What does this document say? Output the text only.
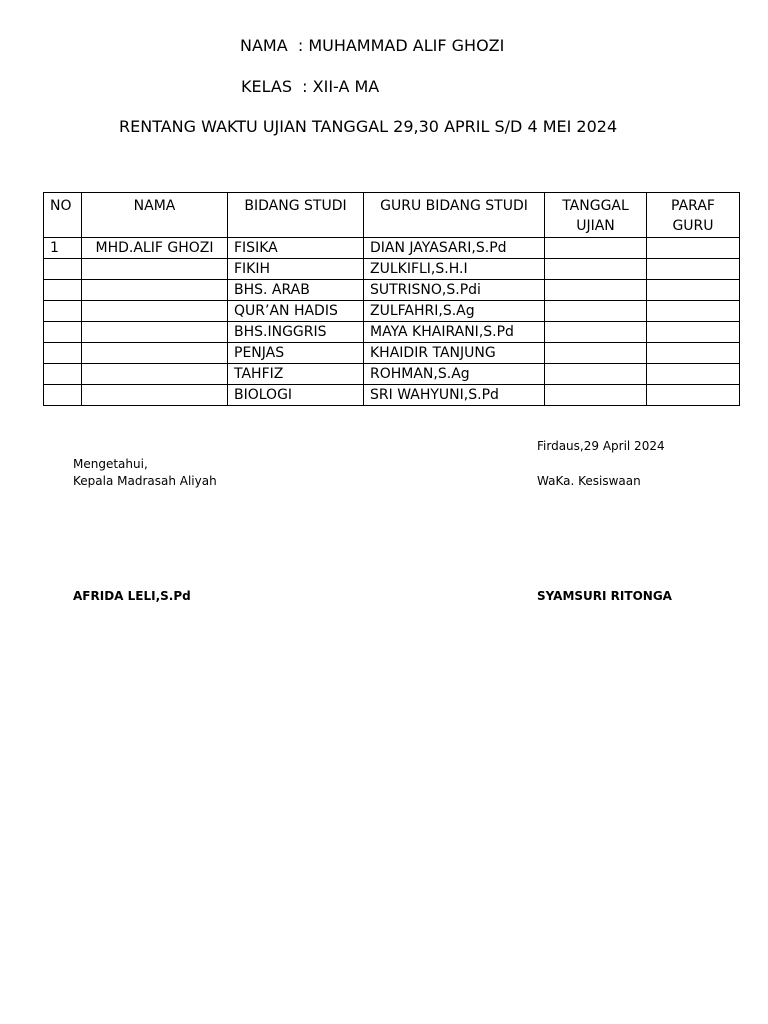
NAMA  : MUHAMMAD ALIF GHOZI
KELAS  : XII-A MA
RENTANG WAKTU UJIAN TANGGAL 29,30 APRIL S/D 4 MEI 2024
NO	NAMA	BIDANG STUDI	GURU BIDANG STUDI	TANGGAL UJIAN	PARAF GURU
1	MHD.ALIF GHOZI	FISIKA	DIAN JAYASARI,S.Pd		
		FIKIH	ZULKIFLI,S.H.I		
		BHS. ARAB	SUTRISNO,S.Pdi		
		QUR’AN HADIS	ZULFAHRI,S.Ag		
		BHS.INGGRIS	MAYA KHAIRANI,S.Pd		
		PENJAS	KHAIDIR TANJUNG		
		TAHFIZ	ROHMAN,S.Ag		
		BIOLOGI	SRI WAHYUNI,S.Pd		
Firdaus,29 April 2024
Mengetahui,
Kepala Madrasah Aliyah	WaKa. Kesiswaan
AFRIDA LELI,S.Pd	SYAMSURI RITONGA
